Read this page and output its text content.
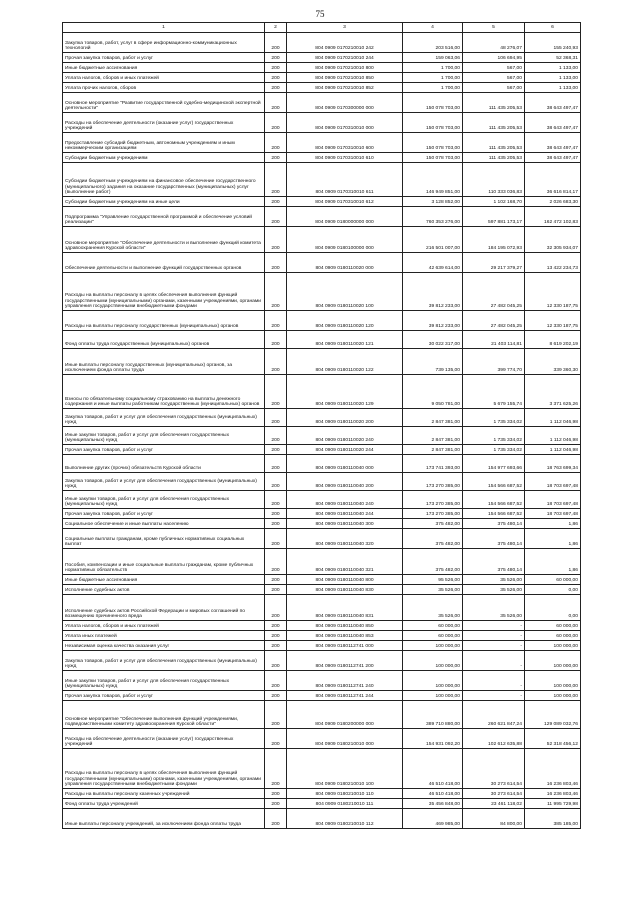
75
1	2	3	4	5	6
Закупка товаров, работ, услуг в сфере информационно-коммуникационных технологий	200	804 0909 0170210010 242	203 516,00	48 276,07	155 240,93
Прочая закупка товаров, работ и услуг	200	804 0909 0170210010 244	159 063,06	106 694,95	52 368,31
Иные бюджетные ассигнования	200	804 0909 0170210010 800	1 700,00	567,00	1 133,00
Уплата налогов, сборов и иных платежей	200	804 0909 0170210010 850	1 700,00	567,00	1 133,00
Уплата прочих налогов, сборов	200	804 0909 0170210010 852	1 700,00	567,00	1 133,00
Основное мероприятие "Развитие государственной судебно-медицинской экспертной деятельности"	200	804 0909 0170300000 000	150 078 703,00	111 435 205,53	38 643 497,47
Расходы на обеспечение деятельности (оказание услуг) государственных учреждений	200	804 0909 0170310010 000	150 078 703,00	111 435 205,53	38 643 497,47
Предоставление субсидий бюджетным, автономным учреждениям и иным некоммерческим организациям	200	804 0909 0170310010 600	150 078 703,00	111 435 205,53	38 643 497,47
Субсидии бюджетным учреждениям	200	804 0909 0170310010 610	150 078 703,00	111 435 205,53	38 643 497,47
Субсидии бюджетным учреждениям на финансовое обеспечение государственного (муниципального) задания на оказание государственных (муниципальных) услуг (выполнение работ)	200	804 0909 0170310010 611	146 949 851,00	110 333 036,83	36 616 814,17
Субсидии бюджетным учреждениям на иные цели	200	804 0909 0170310010 612	3 128 852,00	1 102 168,70	2 026 683,30
Подпрограмма "Управление государственной программой и обеспечение условий реализации"	200	804 0909 0180000000 000	760 353 276,00	597 881 173,17	162 472 102,83
Основное мероприятие "Обеспечение деятельности и выполнение функций комитета здравоохранения Курской области"	200	804 0909 0180100000 000	216 501 007,00	184 195 072,93	32 305 934,07
Обеспечение деятельности и выполнение функций государственных органов	200	804 0909 0180110020 000	42 639 614,00	29 217 379,27	13 422 234,73
Расходы на выплаты персоналу в целях обеспечения выполнения функций государственными (муниципальными) органами, казенными учреждениями, органами управления государственными внебюджетными фондами	200	804 0909 0180110020 100	39 812 233,00	27 482 045,25	12 330 187,75
Расходы на выплаты персоналу государственных (муниципальных) органов	200	804 0909 0180110020 120	39 812 233,00	27 482 045,25	12 330 187,75
Фонд оплаты труда государственных (муниципальных) органов	200	804 0909 0180110020 121	30 022 317,00	21 403 114,81	8 619 202,19
Иные выплаты персоналу государственных (муниципальных) органов, за исключением фонда оплаты труда	200	804 0909 0180110020 122	739 135,00	399 774,70	339 360,30
Взносы по обязательному социальному страхованию на выплаты денежного содержания и иные выплаты работникам государственных (муниципальных) органов	200	804 0909 0180110020 129	9 050 781,00	5 679 155,74	3 371 625,26
Закупка товаров, работ и услуг для обеспечения государственных (муниципальных) нужд	200	804 0909 0180110020 200	2 847 381,00	1 735 334,02	1 112 046,98
Иные закупки товаров, работ и услуг для обеспечения государственных (муниципальных) нужд	200	804 0909 0180110020 240	2 847 381,00	1 735 334,02	1 112 046,98
Прочая закупка товаров, работ и услуг	200	804 0909 0180110020 244	2 847 381,00	1 735 334,02	1 112 046,98
Выполнение других (прочих) обязательств Курской области	200	804 0909 0180110040 000	173 741 393,00	154 977 693,66	18 763 699,34
Закупка товаров, работ и услуг для обеспечения государственных (муниципальных) нужд	200	804 0909 0180110040 200	173 270 385,00	154 566 687,52	18 703 697,48
Иные закупки товаров, работ и услуг для обеспечения государственных (муниципальных) нужд	200	804 0909 0180110040 240	173 270 385,00	154 566 687,52	18 703 697,48
Прочая закупка товаров, работ и услуг	200	804 0909 0180110040 244	173 270 385,00	154 566 687,52	18 703 697,48
Социальное обеспечение и иные выплаты населению	200	804 0909 0180110040 300	375 482,00	375 480,14	1,86
Социальные выплаты гражданам, кроме публичных нормативных социальных выплат	200	804 0909 0180110040 320	375 482,00	375 480,14	1,86
Пособия, компенсации и иные социальные выплаты гражданам, кроме публичных нормативных обязательств	200	804 0909 0180110040 321	375 482,00	375 480,14	1,86
Иные бюджетные ассигнования	200	804 0909 0180110040 800	95 526,00	35 526,00	60 000,00
Исполнение судебных актов	200	804 0909 0180110040 830	35 526,00	35 526,00	0,00
Исполнение судебных актов Российской Федерации и мировых соглашений по возмещению причиненного вреда	200	804 0909 0180110040 831	35 526,00	35 526,00	0,00
Уплата налогов, сборов и иных платежей	200	804 0909 0180110040 850	60 000,00	-	60 000,00
Уплата иных платежей	200	804 0909 0180110040 853	60 000,00	-	60 000,00
Независимая оценка качества оказания услуг	200	804 0909 0180112741 000	100 000,00	-	100 000,00
Закупка товаров, работ и услуг для обеспечения государственных (муниципальных) нужд	200	804 0909 0180112741 200	100 000,00	-	100 000,00
Иные закупки товаров, работ и услуг для обеспечения государственных (муниципальных) нужд	200	804 0909 0180112741 240	100 000,00	-	100 000,00
Прочая закупка товаров, работ и услуг	200	804 0909 0180112741 244	100 000,00	-	100 000,00
Основное мероприятие "Обеспечение выполнения функций учреждениями, подведомственными комитету здравоохранения Курской области"	200	804 0909 0180200000 000	389 710 880,00	260 621 847,24	129 089 032,76
Расходы на обеспечение деятельности (оказание услуг) государственных учреждений	200	804 0909 0180210010 000	154 931 092,20	102 612 635,88	52 318 456,12
Расходы на выплаты персоналу в целях обеспечения выполнения функций государственными (муниципальными) органами, казенными учреждениями, органами управления государственными внебюджетными фондами	200	804 0909 0180210010 100	46 510 418,00	30 273 614,54	16 236 803,46
Расходы на выплаты персоналу казенных учреждений	200	804 0909 0180210010 110	46 510 418,00	30 273 614,54	16 236 803,46
Фонд оплаты труда учреждений	200	804 0909 0180210010 111	35 456 848,00	23 461 118,02	11 995 729,98
Иные выплаты персоналу учреждений, за исключением фонда оплаты труда	200	804 0909 0180210010 112	469 985,00	84 800,00	385 185,00
